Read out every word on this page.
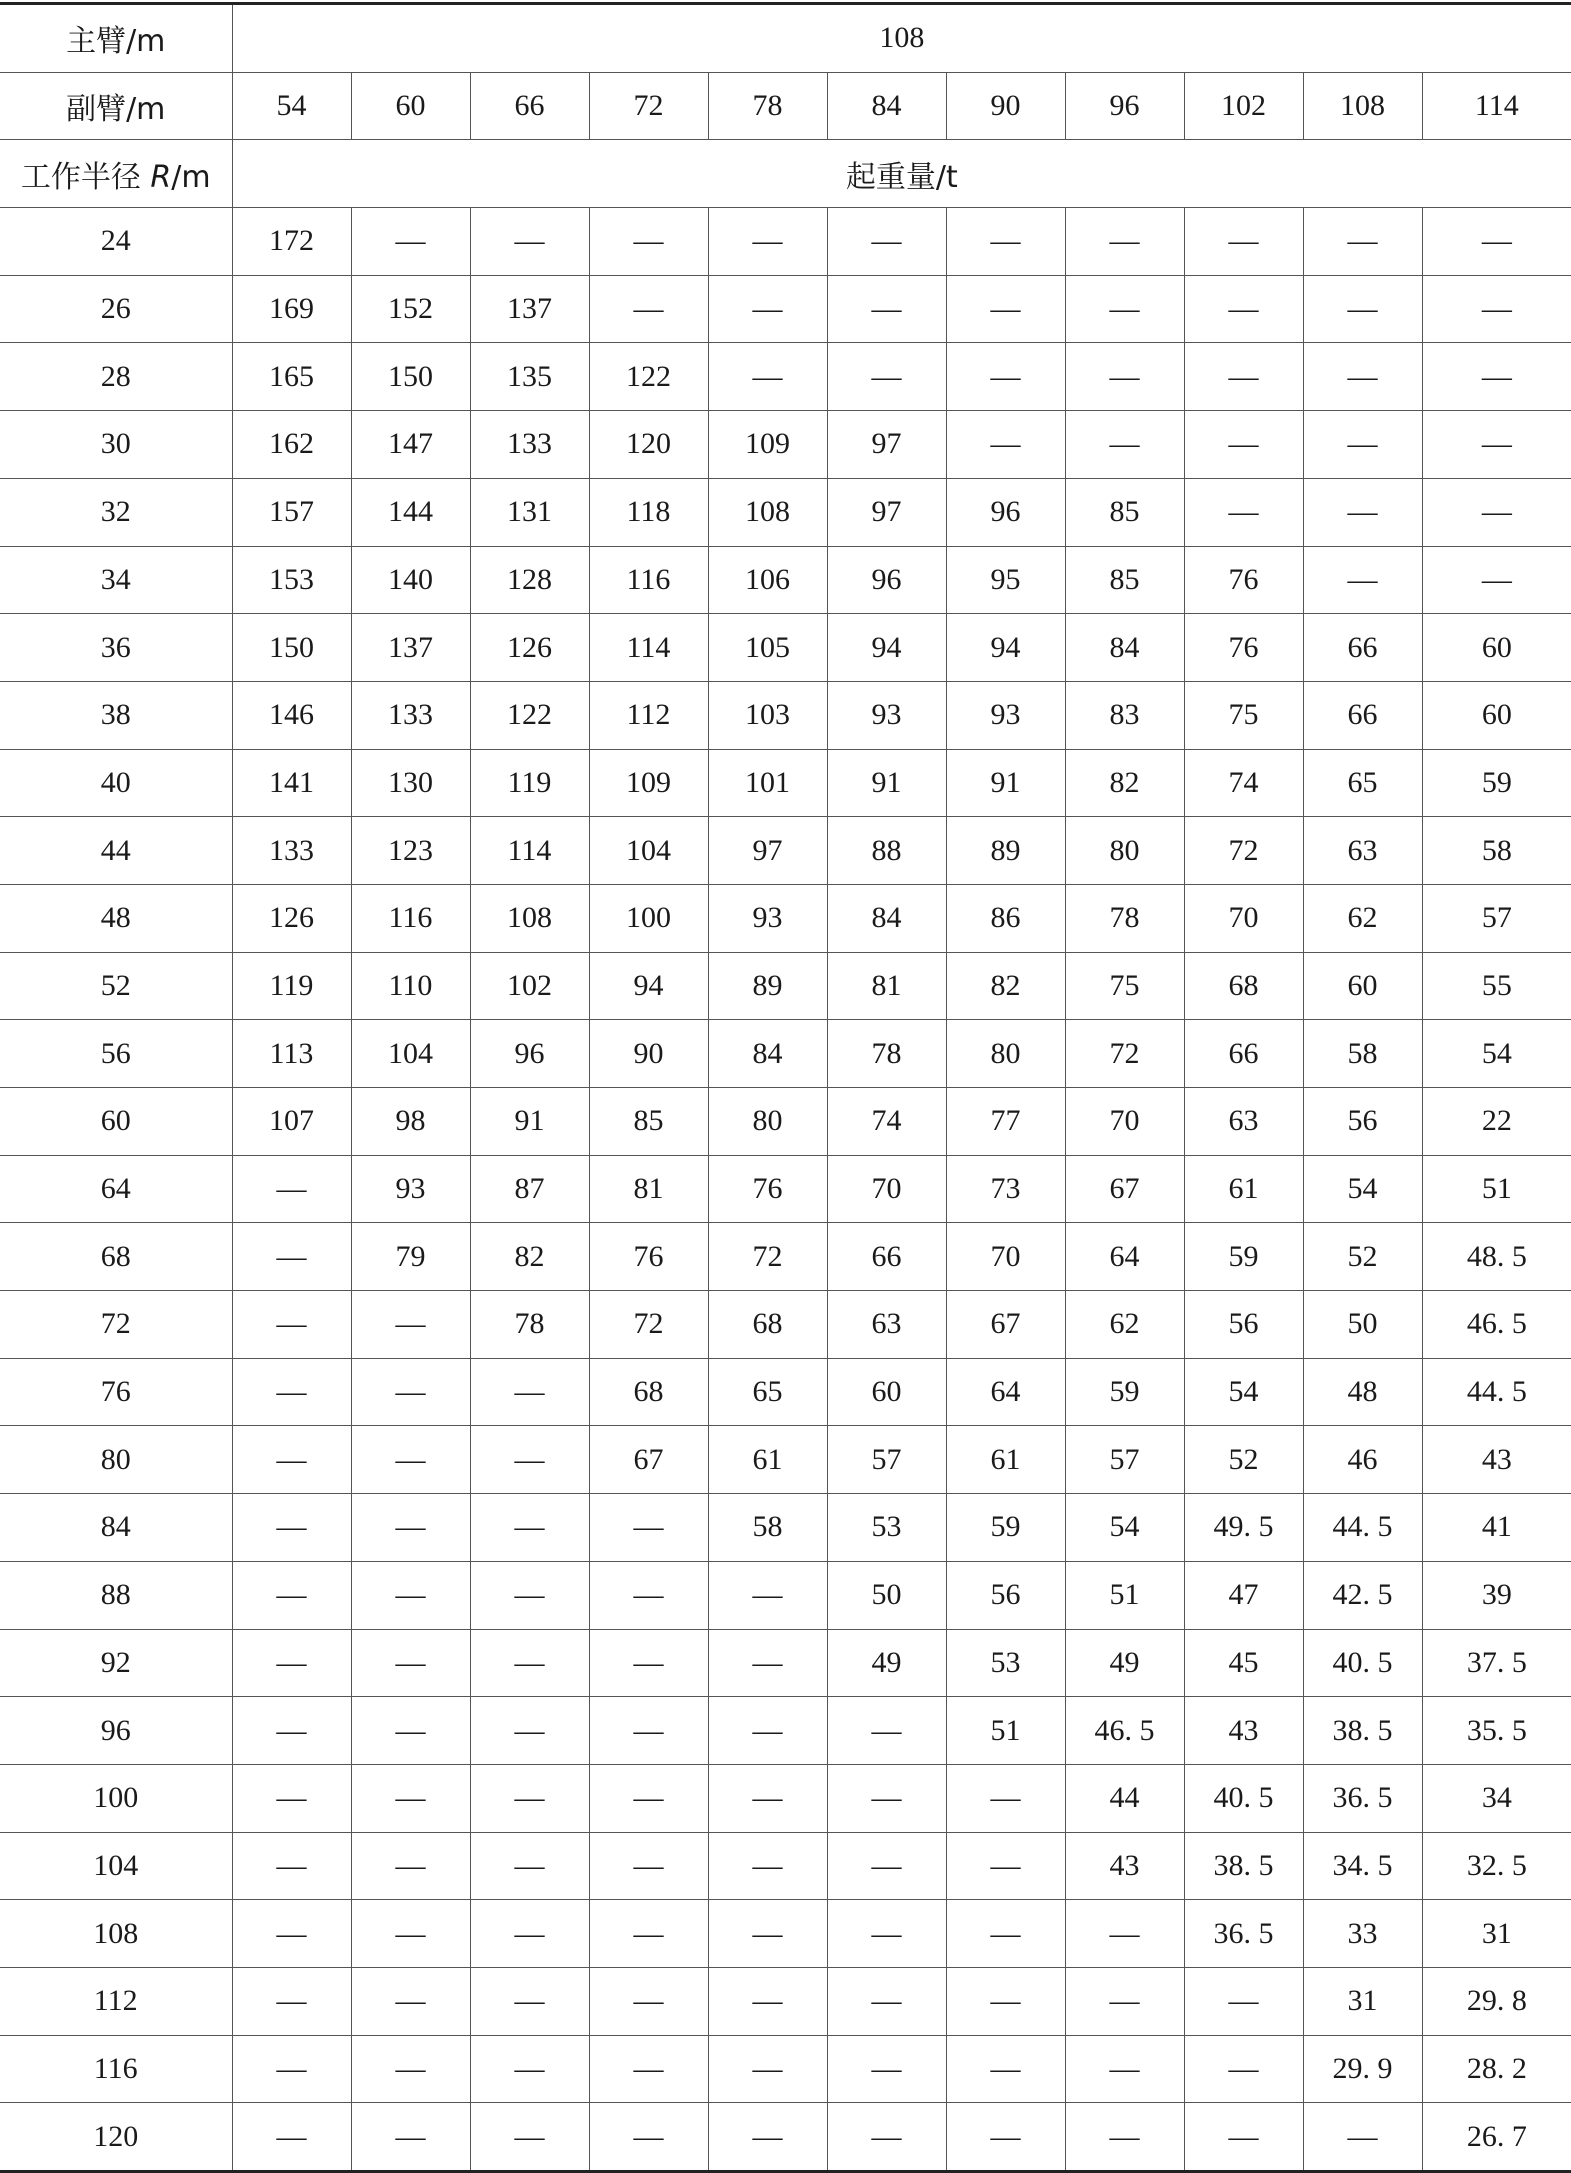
主臂/m	108										
副臂/m	54	60	66	72	78	84	90	96	102	108	114
工作半径 R/m	起重量/t										
24	172	—	—	—	—	—	—	—	—	—	—
26	169	152	137	—	—	—	—	—	—	—	—
28	165	150	135	122	—	—	—	—	—	—	—
30	162	147	133	120	109	97	—	—	—	—	—
32	157	144	131	118	108	97	96	85	—	—	—
34	153	140	128	116	106	96	95	85	76	—	—
36	150	137	126	114	105	94	94	84	76	66	60
38	146	133	122	112	103	93	93	83	75	66	60
40	141	130	119	109	101	91	91	82	74	65	59
44	133	123	114	104	97	88	89	80	72	63	58
48	126	116	108	100	93	84	86	78	70	62	57
52	119	110	102	94	89	81	82	75	68	60	55
56	113	104	96	90	84	78	80	72	66	58	54
60	107	98	91	85	80	74	77	70	63	56	22
64	—	93	87	81	76	70	73	67	61	54	51
68	—	79	82	76	72	66	70	64	59	52	48. 5
72	—	—	78	72	68	63	67	62	56	50	46. 5
76	—	—	—	68	65	60	64	59	54	48	44. 5
80	—	—	—	67	61	57	61	57	52	46	43
84	—	—	—	—	58	53	59	54	49. 5	44. 5	41
88	—	—	—	—	—	50	56	51	47	42. 5	39
92	—	—	—	—	—	49	53	49	45	40. 5	37. 5
96	—	—	—	—	—	—	51	46. 5	43	38. 5	35. 5
100	—	—	—	—	—	—	—	44	40. 5	36. 5	34
104	—	—	—	—	—	—	—	43	38. 5	34. 5	32. 5
108	—	—	—	—	—	—	—	—	36. 5	33	31
112	—	—	—	—	—	—	—	—	—	31	29. 8
116	—	—	—	—	—	—	—	—	—	29. 9	28. 2
120	—	—	—	—	—	—	—	—	—	—	26. 7
